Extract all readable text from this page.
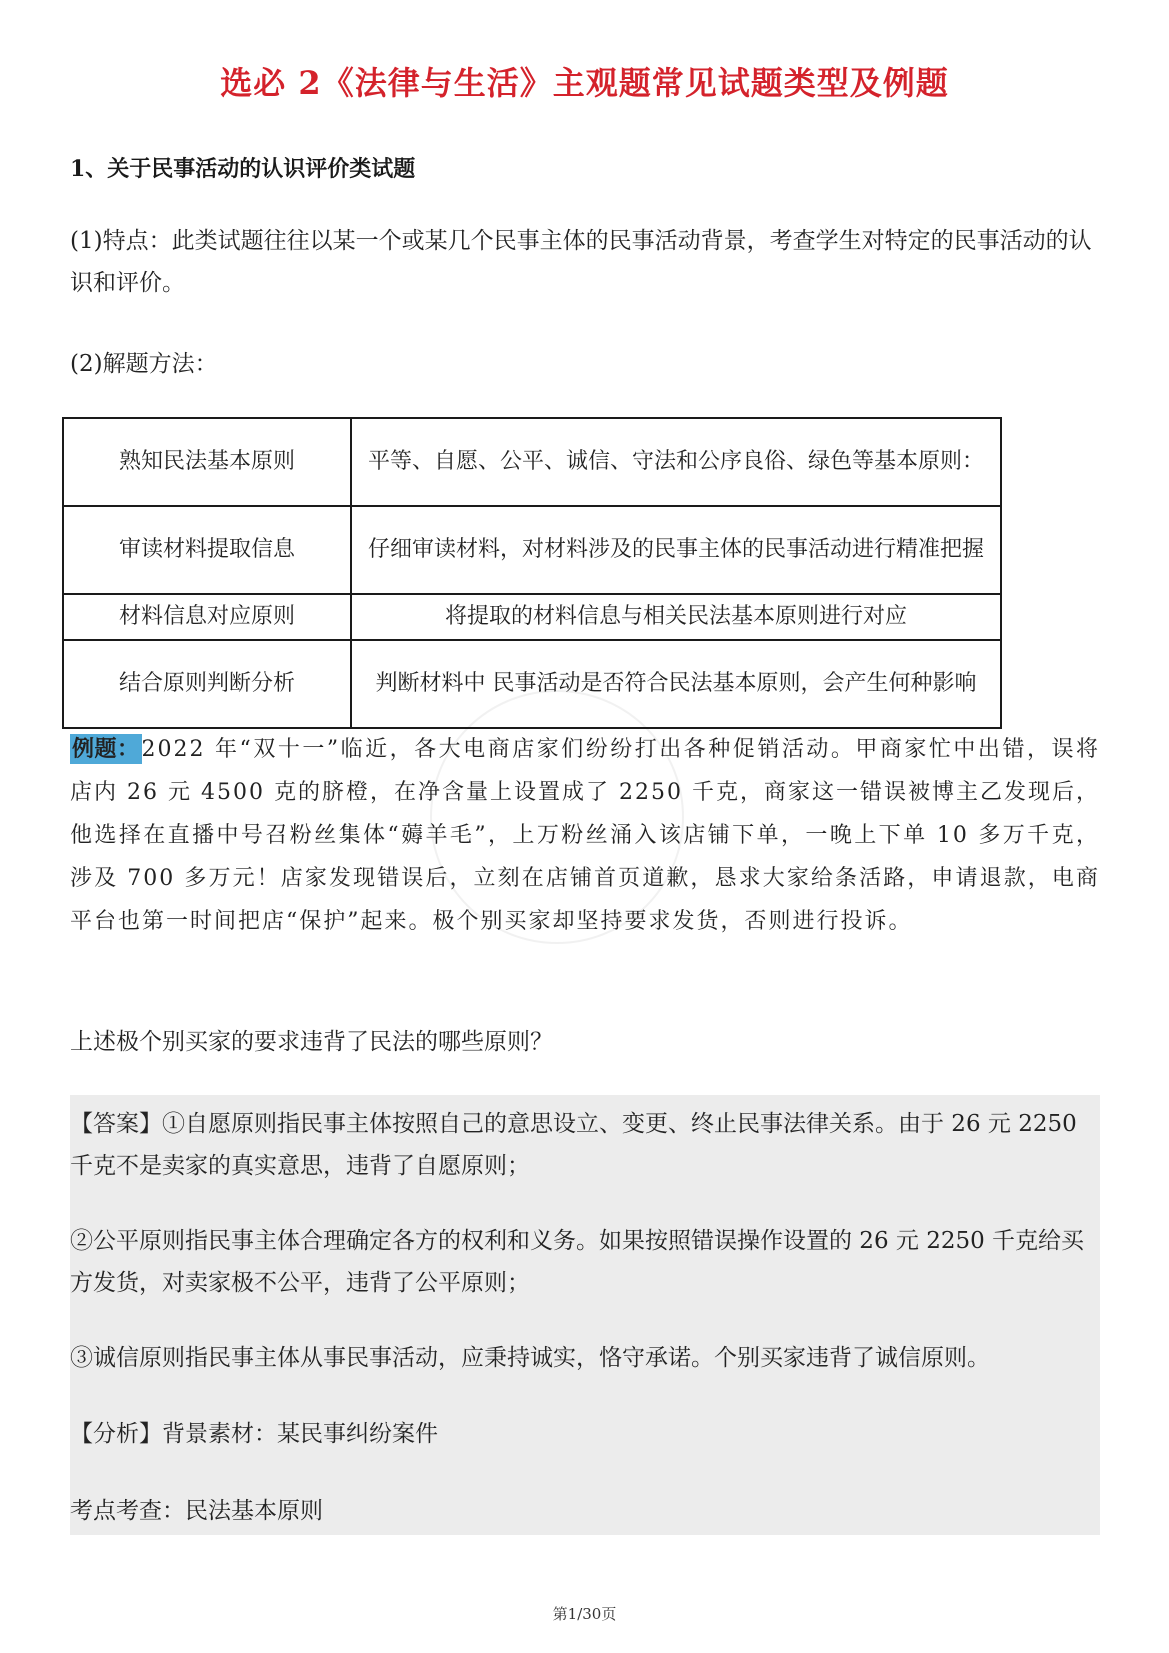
选必 2《法律与生活》主观题常见试题类型及例题
1、关于民事活动的认识评价类试题
(1)特点：此类试题往往以某一个或某几个民事主体的民事活动背景，考查学生对特定的民事活动的认识和评价。
(2)解题方法：
熟知民法基本原则	平等、自愿、公平、诚信、守法和公序良俗、绿色等基本原则：
审读材料提取信息	仔细审读材料，对材料涉及的民事主体的民事活动进行精准把握
材料信息对应原则	将提取的材料信息与相关民法基本原则进行对应
结合原则判断分析	判断材料中 民事活动是否符合民法基本原则，会产生何种影响
例题：2022 年“双十一”临近，各大电商店家们纷纷打出各种促销活动。甲商家忙中出错，误将店内 26 元 4500 克的脐橙，在净含量上设置成了 2250 千克，商家这一错误被博主乙发现后，他选择在直播中号召粉丝集体“薅羊毛”，上万粉丝涌入该店铺下单，一晚上下单 10 多万千克，涉及 700 多万元！店家发现错误后，立刻在店铺首页道歉，恳求大家给条活路，申请退款，电商平台也第一时间把店“保护”起来。极个别买家却坚持要求发货，否则进行投诉。
上述极个别买家的要求违背了民法的哪些原则？
【答案】①自愿原则指民事主体按照自己的意思设立、变更、终止民事法律关系。由于 26 元 2250 千克不是卖家的真实意思，违背了自愿原则；
②公平原则指民事主体合理确定各方的权利和义务。如果按照错误操作设置的 26 元 2250 千克给买方发货，对卖家极不公平，违背了公平原则；
③诚信原则指民事主体从事民事活动，应秉持诚实，恪守承诺。个别买家违背了诚信原则。
【分析】背景素材：某民事纠纷案件
考点考查：民法基本原则
第1/30页
